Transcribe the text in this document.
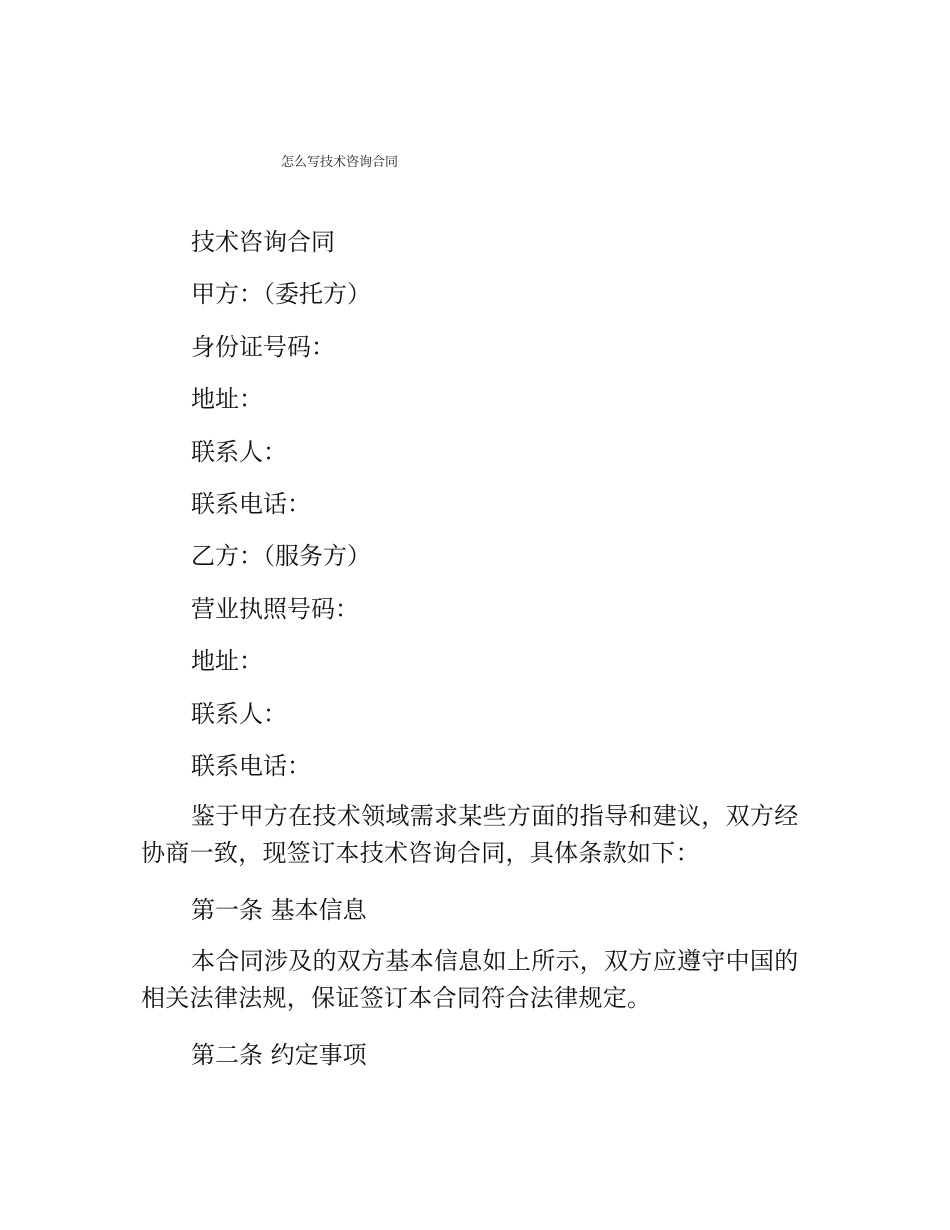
怎么写技术咨询合同
技术咨询合同
甲方：（委托方）
身份证号码：
地址：
联系人：
联系电话：
乙方：（服务方）
营业执照号码：
地址：
联系人：
联系电话：
鉴于甲方在技术领域需求某些方面的指导和建议，双方经协商一致，现签订本技术咨询合同，具体条款如下：
第一条 基本信息
本合同涉及的双方基本信息如上所示，双方应遵守中国的相关法律法规，保证签订本合同符合法律规定。
第二条 约定事项
